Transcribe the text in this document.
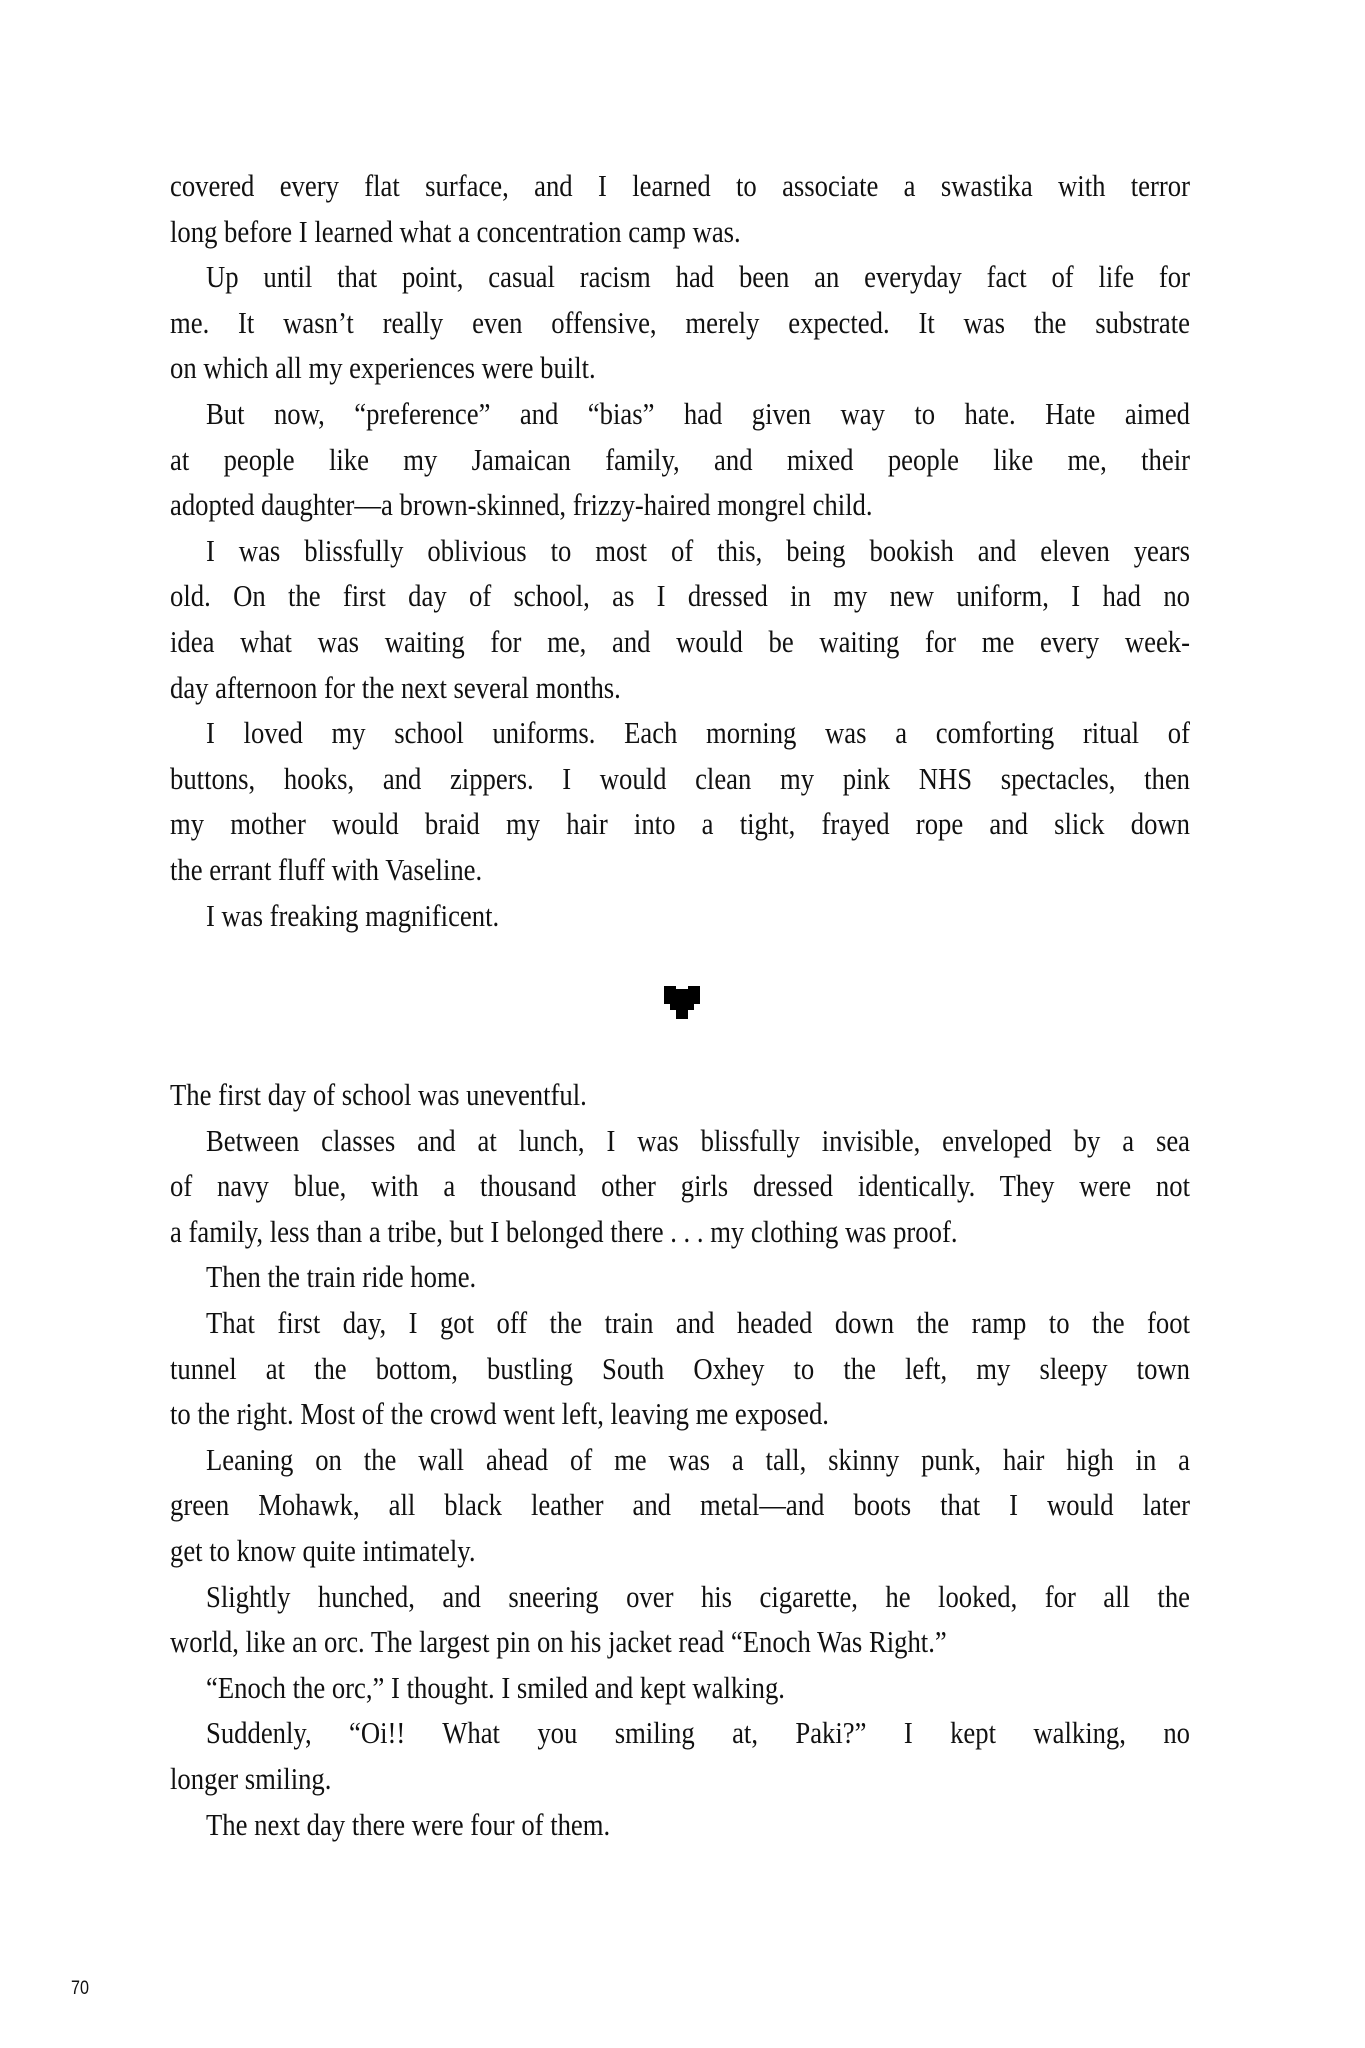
covered every flat surface, and I learned to associate a swastika with terror
long before I learned what a concentration camp was.
Up until that point, casual racism had been an everyday fact of life for
me. It wasn’t really even offensive, merely expected. It was the substrate
on which all my experiences were built.
But now, “preference” and “bias” had given way to hate. Hate aimed
at people like my Jamaican family, and mixed people like me, their
adopted daughter—a brown-skinned, frizzy-haired mongrel child.
I was blissfully oblivious to most of this, being bookish and eleven years
old. On the first day of school, as I dressed in my new uniform, I had no
idea what was waiting for me, and would be waiting for me every week-
day afternoon for the next several months.
I loved my school uniforms. Each morning was a comforting ritual of
buttons, hooks, and zippers. I would clean my pink NHS spectacles, then
my mother would braid my hair into a tight, frayed rope and slick down
the errant fluff with Vaseline.
I was freaking magnificent.
The first day of school was uneventful.
Between classes and at lunch, I was blissfully invisible, enveloped by a sea
of navy blue, with a thousand other girls dressed identically. They were not
a family, less than a tribe, but I belonged there . . . my clothing was proof.
Then the train ride home.
That first day, I got off the train and headed down the ramp to the foot
tunnel at the bottom, bustling South Oxhey to the left, my sleepy town
to the right. Most of the crowd went left, leaving me exposed.
Leaning on the wall ahead of me was a tall, skinny punk, hair high in a
green Mohawk, all black leather and metal—and boots that I would later
get to know quite intimately.
Slightly hunched, and sneering over his cigarette, he looked, for all the
world, like an orc. The largest pin on his jacket read “Enoch Was Right.”
“Enoch the orc,” I thought. I smiled and kept walking.
Suddenly, “Oi!! What you smiling at, Paki?” I kept walking, no
longer smiling.
The next day there were four of them.
70
